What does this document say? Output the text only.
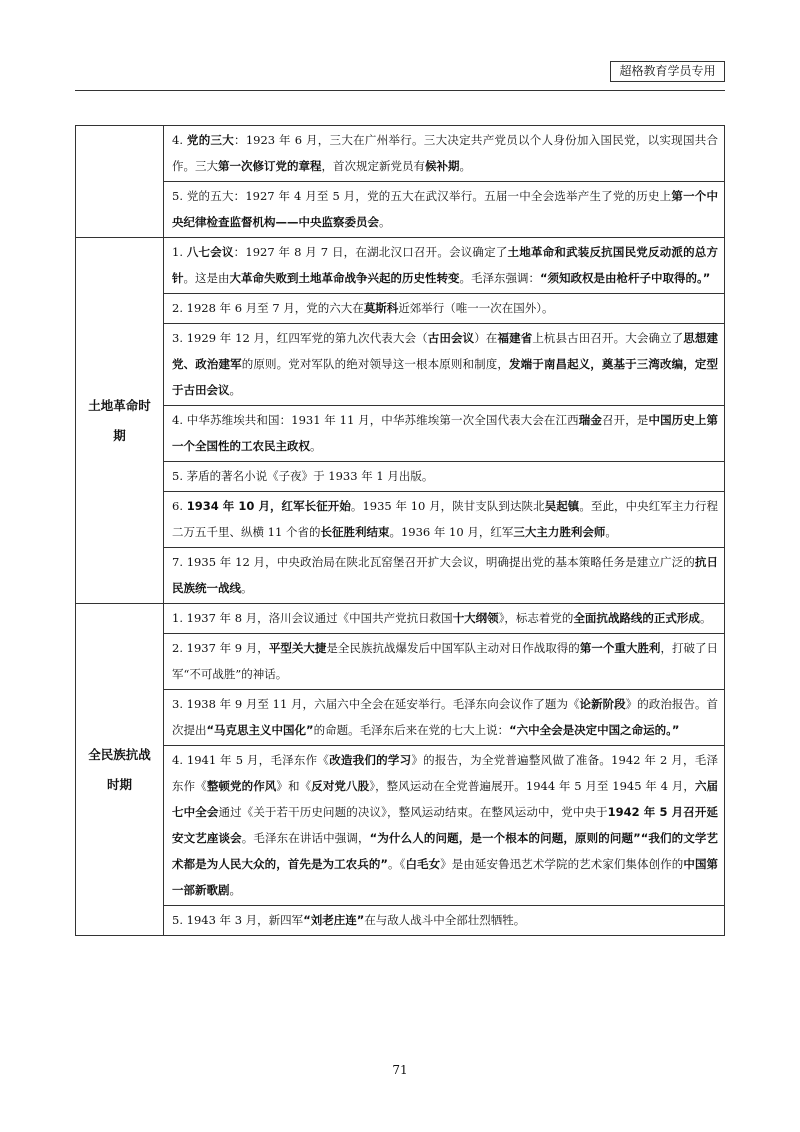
超格教育学员专用
	4. 党的三大：1923 年 6 月，三大在广州举行。三大决定共产党员以个人身份加入国民党，以实现国共合作。三大第一次修订党的章程，首次规定新党员有候补期。
	5. 党的五大：1927 年 4 月至 5 月，党的五大在武汉举行。五届一中全会选举产生了党的历史上第一个中央纪律检查监督机构——中央监察委员会。
土地革命时期	1. 八七会议：1927 年 8 月 7 日，在湖北汉口召开。会议确定了土地革命和武装反抗国民党反动派的总方针。这是由大革命失败到土地革命战争兴起的历史性转变。毛泽东强调：“须知政权是由枪杆子中取得的。”
	2. 1928 年 6 月至 7 月，党的六大在莫斯科近郊举行（唯一一次在国外）。
	3. 1929 年 12 月，红四军党的第九次代表大会（古田会议）在福建省上杭县古田召开。大会确立了思想建党、政治建军的原则。党对军队的绝对领导这一根本原则和制度，发端于南昌起义，奠基于三湾改编，定型于古田会议。
	4. 中华苏维埃共和国：1931 年 11 月，中华苏维埃第一次全国代表大会在江西瑞金召开，是中国历史上第一个全国性的工农民主政权。
	5. 茅盾的著名小说《子夜》于 1933 年 1 月出版。
	6. 1934 年 10 月，红军长征开始。1935 年 10 月，陕甘支队到达陕北吴起镇。至此，中央红军主力行程二万五千里、纵横 11 个省的长征胜利结束。1936 年 10 月，红军三大主力胜利会师。
	7. 1935 年 12 月，中央政治局在陕北瓦窑堡召开扩大会议，明确提出党的基本策略任务是建立广泛的抗日民族统一战线。
全民族抗战时期	1. 1937 年 8 月，洛川会议通过《中国共产党抗日救国十大纲领》，标志着党的全面抗战路线的正式形成。
	2. 1937 年 9 月，平型关大捷是全民族抗战爆发后中国军队主动对日作战取得的第一个重大胜利，打破了日军“不可战胜”的神话。
	3. 1938 年 9 月至 11 月，六届六中全会在延安举行。毛泽东向会议作了题为《论新阶段》的政治报告。首次提出“马克思主义中国化”的命题。毛泽东后来在党的七大上说：“六中全会是决定中国之命运的。”
	4. 1941 年 5 月，毛泽东作《改造我们的学习》的报告，为全党普遍整风做了准备。1942 年 2 月，毛泽东作《整顿党的作风》和《反对党八股》，整风运动在全党普遍展开。1944 年 5 月至 1945 年 4 月，六届七中全会通过《关于若干历史问题的决议》，整风运动结束。在整风运动中，党中央于1942 年 5 月召开延安文艺座谈会。毛泽东在讲话中强调，“为什么人的问题，是一个根本的问题，原则的问题”“我们的文学艺术都是为人民大众的，首先是为工农兵的”。《白毛女》是由延安鲁迅艺术学院的艺术家们集体创作的中国第一部新歌剧。
	5. 1943 年 3 月，新四军“刘老庄连”在与敌人战斗中全部壮烈牺牲。
71
